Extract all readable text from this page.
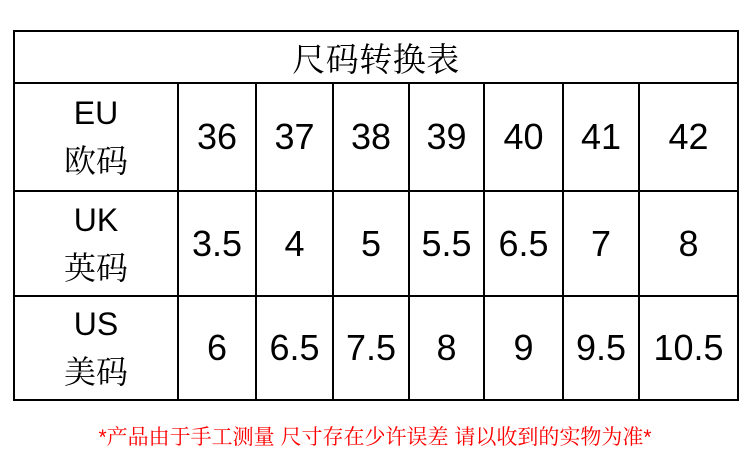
尺码转换表							

EU
欧码	36	37	38	39	40	41	42

UK
英码	3.5	4	5	5.5	6.5	7	8

US
美码	6	6.5	7.5	8	9	9.5	10.5
*产品由于手工测量 尺寸存在少许误差 请以收到的实物为准*
